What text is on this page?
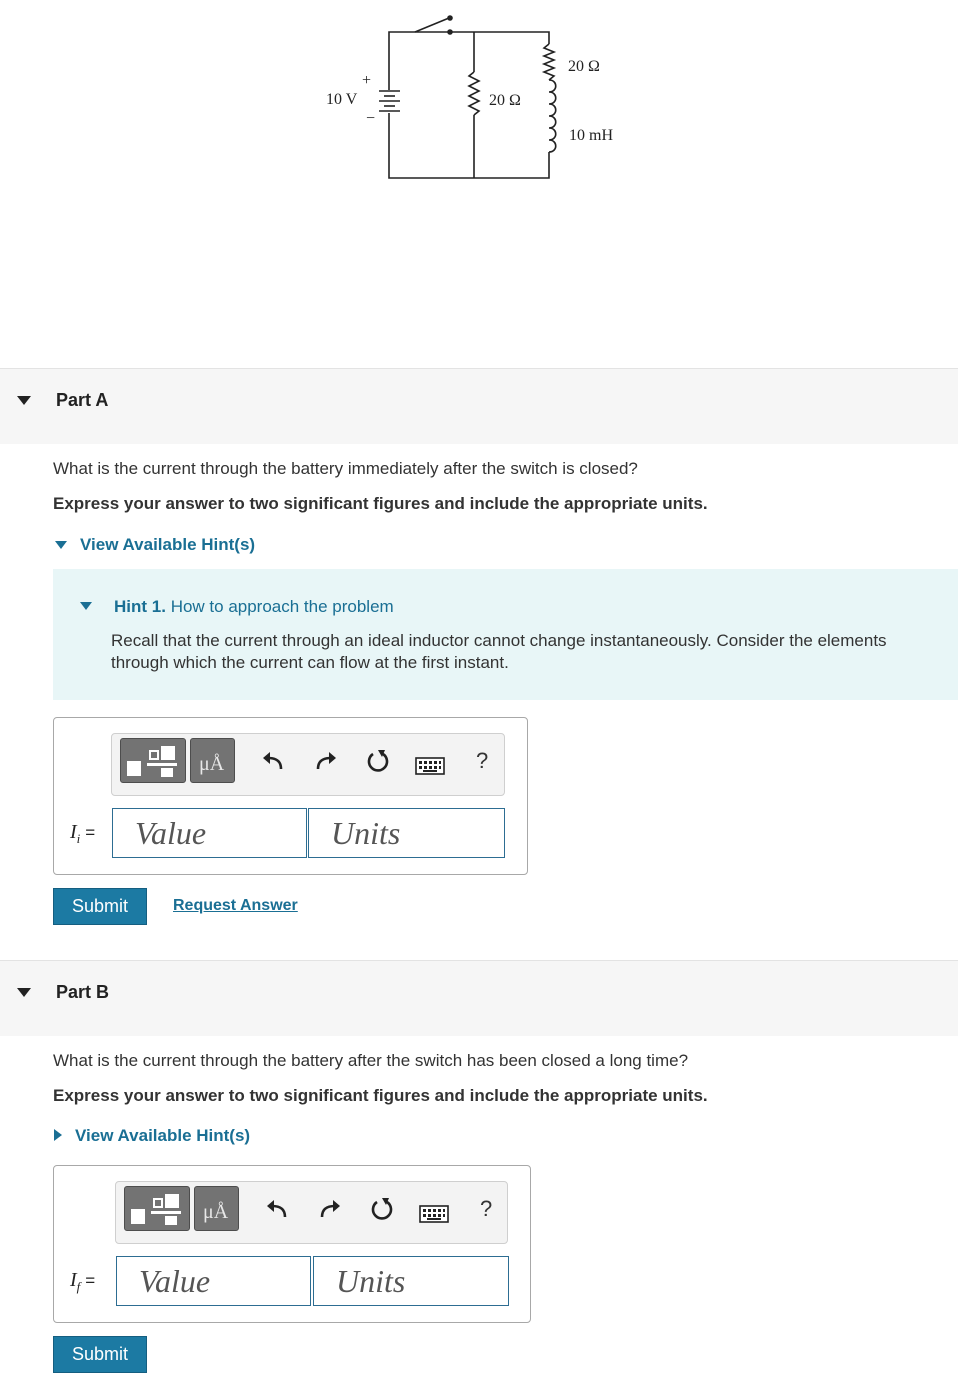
+
−
10 V	20 Ω
20 Ω
10 mH
Part A
What is the current through the battery immediately after the switch is closed?
Express your answer to two significant figures and include the appropriate units.
View Available Hint(s)
Hint 1. How to approach the problem
Recall that the current through an ideal inductor cannot change instantaneously. Consider the elements through which the current can flow at the first instant.
μÅ	?
$I_i$ = Value	Units
Submit	Request Answer
Part B
What is the current through the battery after the switch has been closed a long time?
Express your answer to two significant figures and include the appropriate units.
View Available Hint(s)
μÅ	?
$I_f$ = Value	Units
Submit
